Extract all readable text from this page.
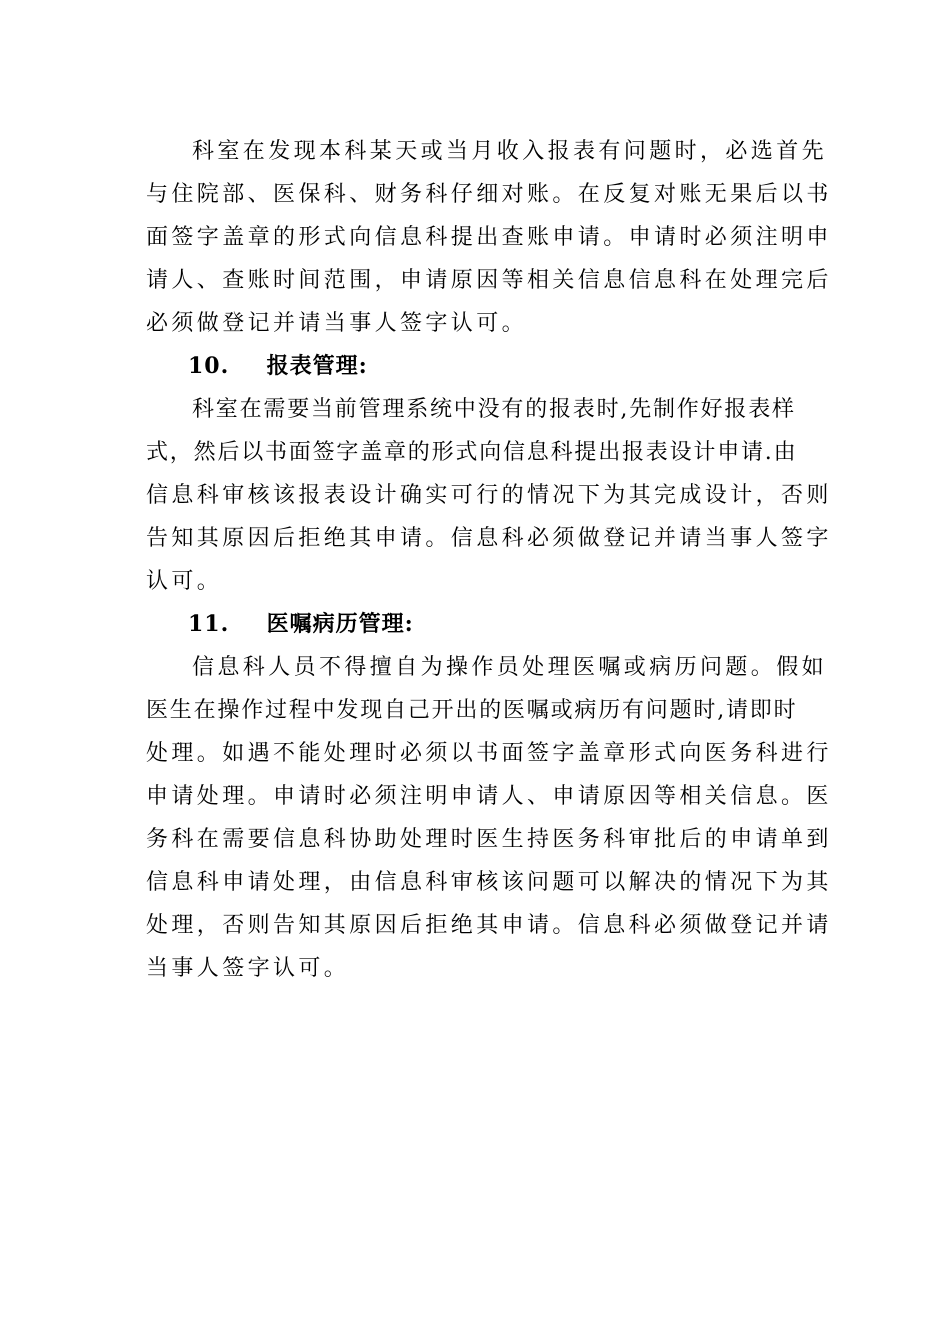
科室在发现本科某天或当月收入报表有问题时，必选首先
与住院部、医保科、财务科仔细对账。在反复对账无果后以书
面签字盖章的形式向信息科提出查账申请。申请时必须注明申
请人、查账时间范围，申请原因等相关信息信息科在处理完后
必须做登记并请当事人签字认可。
10. 报表管理:
科室在需要当前管理系统中没有的报表时,先制作好报表样
式，然后以书面签字盖章的形式向信息科提出报表设计申请.由
信息科审核该报表设计确实可行的情况下为其完成设计，否则
告知其原因后拒绝其申请。信息科必须做登记并请当事人签字
认可。
11. 医嘱病历管理:
信息科人员不得擅自为操作员处理医嘱或病历问题。假如
医生在操作过程中发现自己开出的医嘱或病历有问题时,请即时
处理。如遇不能处理时必须以书面签字盖章形式向医务科进行
申请处理。申请时必须注明申请人、申请原因等相关信息。医
务科在需要信息科协助处理时医生持医务科审批后的申请单到
信息科申请处理，由信息科审核该问题可以解决的情况下为其
处理，否则告知其原因后拒绝其申请。信息科必须做登记并请
当事人签字认可。
